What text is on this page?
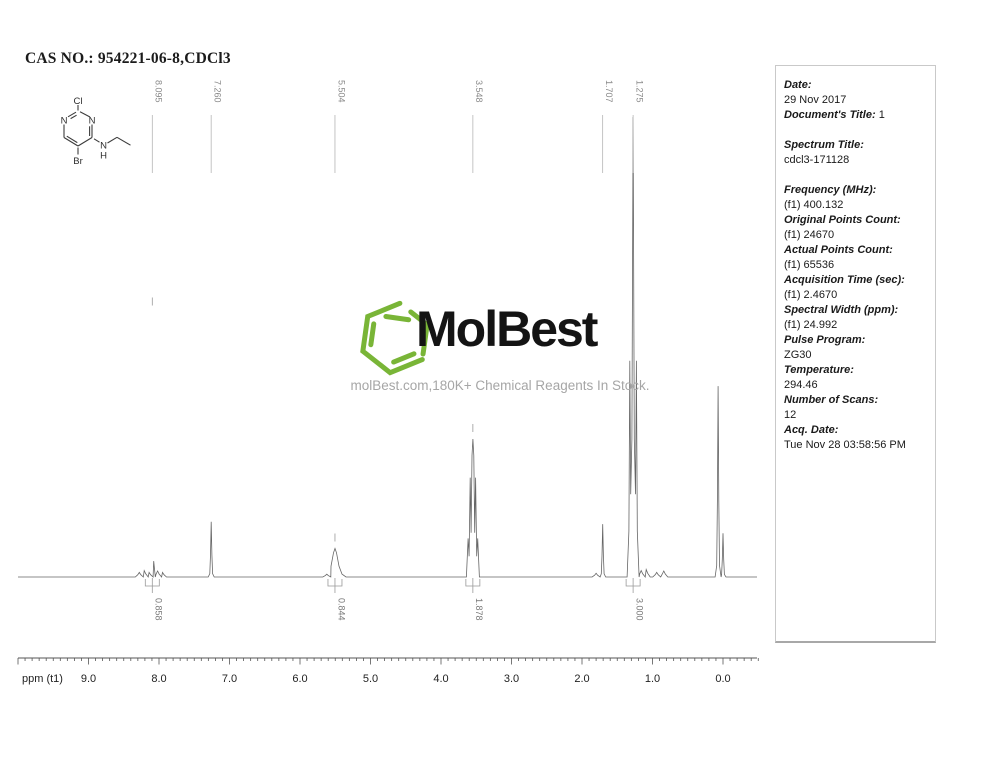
CAS NO.: 954221-06-8,CDCl3
Cl
N N
Br
N
H
8.095
0.858
7.260	5.504
0.844
3.548
1.878
1.707 1.275
3.000
9.0	8.0	7.0	6.0	5.0	4.0	3.0	2.0	1.0	0.0
ppm (t1)
MolBest
molBest.com,180K+ Chemical Reagents In Stock.
Date:
29 Nov 2017
Document's Title: 1
Spectrum Title:
cdcl3-171128
Frequency (MHz):
(f1) 400.132
Original Points Count:
(f1) 24670
Actual Points Count:
(f1) 65536
Acquisition Time (sec):
(f1) 2.4670
Spectral Width (ppm):
(f1) 24.992
Pulse Program:
ZG30
Temperature:
294.46
Number of Scans:
12
Acq. Date:
Tue Nov 28 03:58:56 PM
